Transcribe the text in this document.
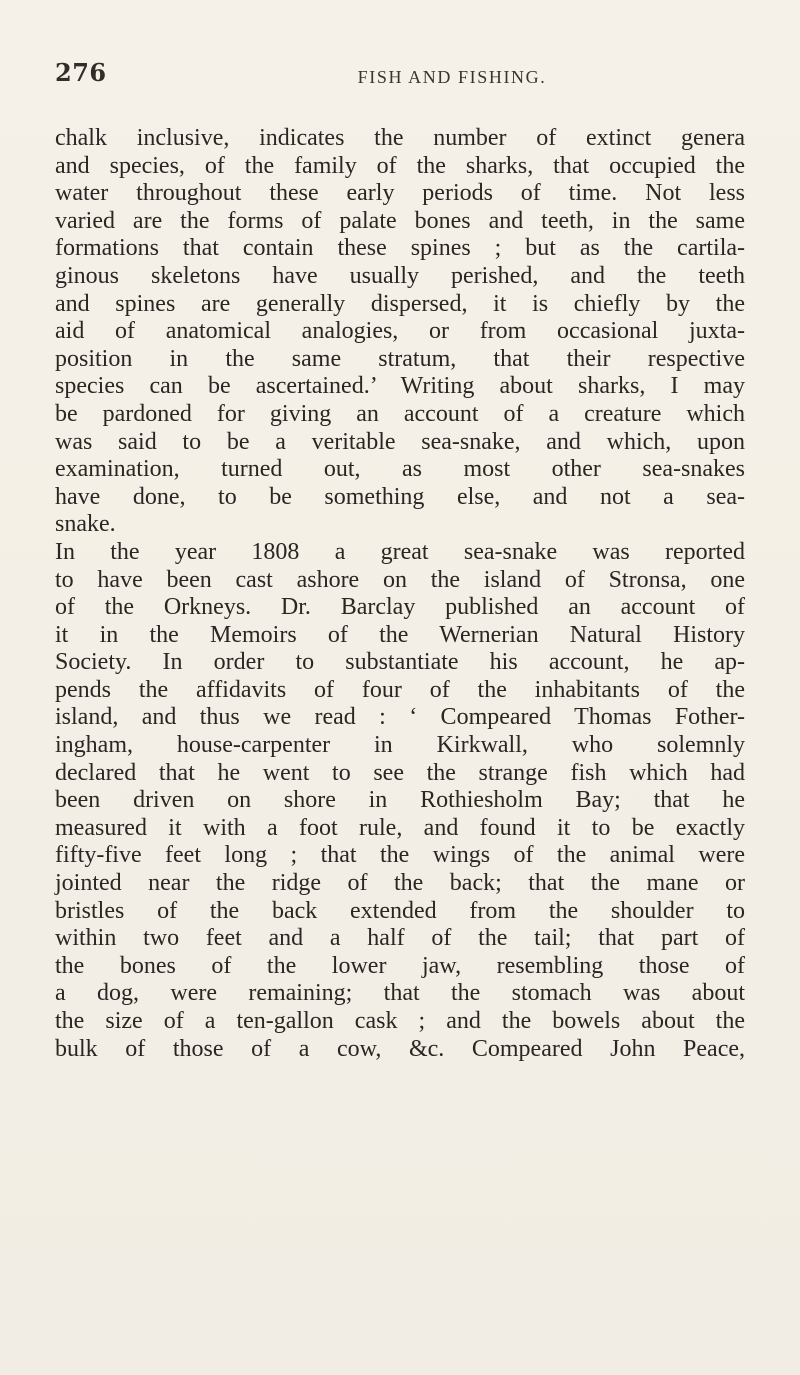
276	FISH AND FISHING.
chalk inclusive, indicates the number of extinct genera
and species, of the family of the sharks, that occupied the
water throughout these early periods of time. Not less
varied are the forms of palate bones and teeth, in the same
formations that contain these spines ; but as the cartila-
ginous skeletons have usually perished, and the teeth
and spines are generally dispersed, it is chiefly by the
aid of anatomical analogies, or from occasional juxta-
position in the same stratum, that their respective
species can be ascertained.’ Writing about sharks, I may
be pardoned for giving an account of a creature which
was said to be a veritable sea-snake, and which, upon
examination, turned out, as most other sea-snakes
have done, to be something else, and not a sea-
snake.
In the year 1808 a great sea-snake was reported
to have been cast ashore on the island of Stronsa, one
of the Orkneys. Dr. Barclay published an account of
it in the Memoirs of the Wernerian Natural History
Society. In order to substantiate his account, he ap-
pends the affidavits of four of the inhabitants of the
island, and thus we read : ‘ Compeared Thomas Fother-
ingham, house-carpenter in Kirkwall, who solemnly
declared that he went to see the strange fish which had
been driven on shore in Rothiesholm Bay; that he
measured it with a foot rule, and found it to be exactly
fifty-five feet long ; that the wings of the animal were
jointed near the ridge of the back; that the mane or
bristles of the back extended from the shoulder to
within two feet and a half of the tail; that part of
the bones of the lower jaw, resembling those of
a dog, were remaining; that the stomach was about
the size of a ten-gallon cask ; and the bowels about the
bulk of those of a cow, &c. Compeared John Peace,
